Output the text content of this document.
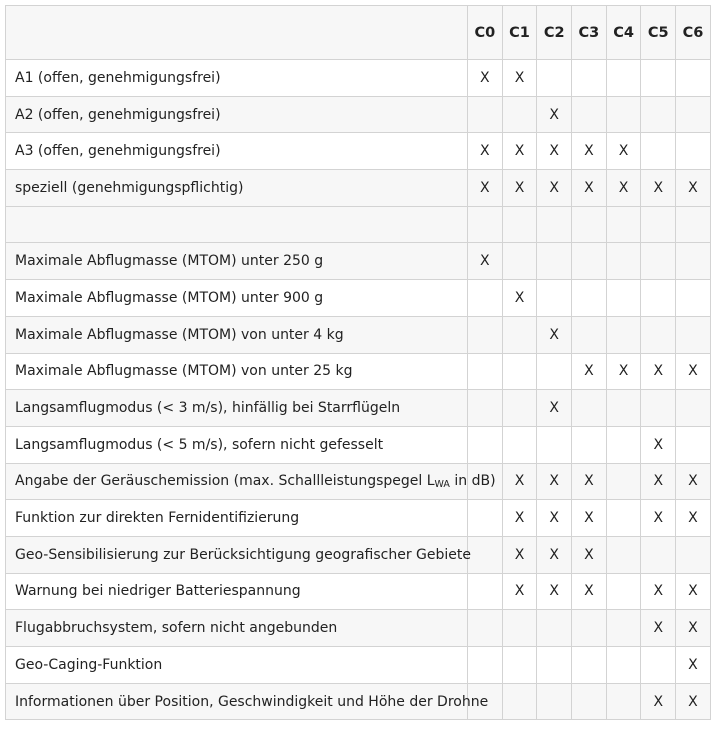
	C0	C1	C2	C3	C4	C5	C6
A1 (offen, genehmigungsfrei)	X	X					
A2 (offen, genehmigungsfrei)			X				
A3 (offen, genehmigungsfrei)	X	X	X	X	X		
speziell (genehmigungspflichtig)	X	X	X	X	X	X	X

Maximale Abflugmasse (MTOM) unter 250 g	X						
Maximale Abflugmasse (MTOM) unter 900 g		X					
Maximale Abflugmasse (MTOM) von unter 4 kg			X				
Maximale Abflugmasse (MTOM) von unter 25 kg				X	X	X	X
Langsamflugmodus (< 3 m/s), hinfällig bei Starrflügeln			X				
Langsamflugmodus (< 5 m/s), sofern nicht gefesselt						X	
Angabe der Geräuschemission (max. Schallleistungspegel $L_{WA}$ in dB)		X	X	X		X	X
Funktion zur direkten Fernidentifizierung		X	X	X		X	X
Geo-Sensibilisierung zur Berücksichtigung geografischer Gebiete		X	X	X			
Warnung bei niedriger Batteriespannung		X	X	X		X	X
Flugabbruchsystem, sofern nicht angebunden						X	X
Geo-Caging-Funktion							X
Informationen über Position, Geschwindigkeit und Höhe der Drohne						X	X
